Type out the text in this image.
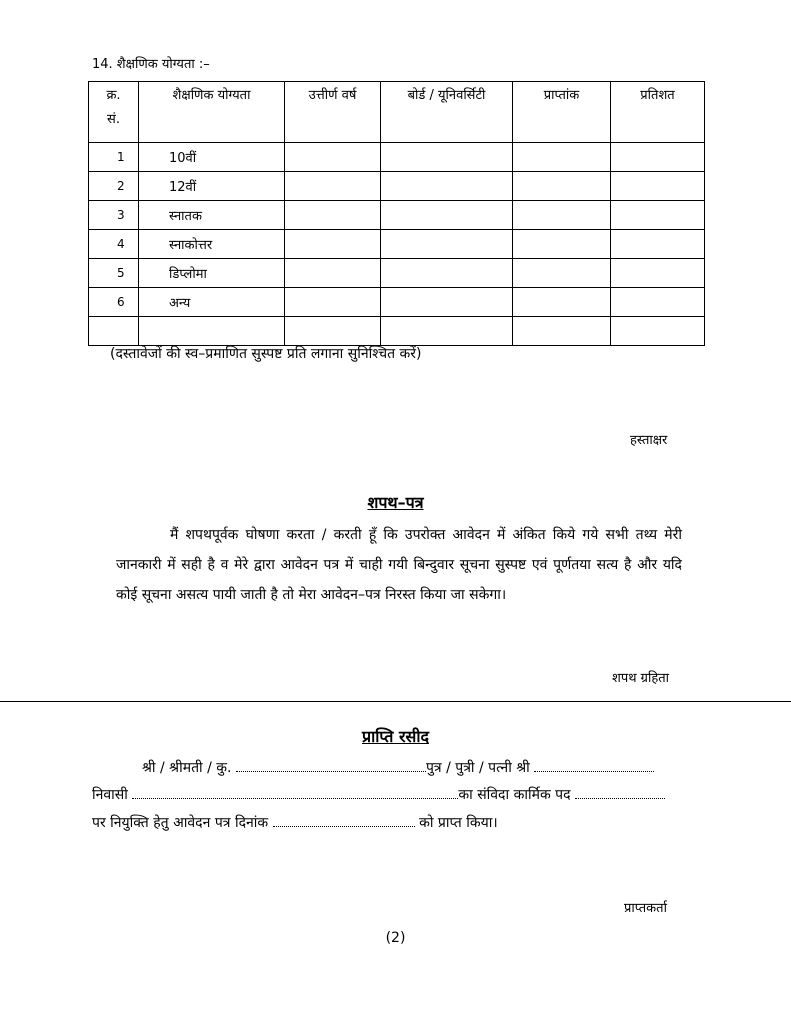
14. शैक्षणिक योग्यता :–
क्र.
सं.	शैक्षणिक योग्यता	उत्तीर्ण वर्ष	बोर्ड / यूनिवर्सिटी	प्राप्तांक	प्रतिशत

1	10वीं				
2	12वीं				
3	स्नातक				
4	स्नाकोत्तर				
5	डिप्लोमा				
6	अन्य				

(दस्तावेजों की स्व–प्रमाणित सुस्पष्ट प्रति लगाना सुनिश्चित करें)
हस्ताक्षर
शपथ–पत्र
मैं शपथपूर्वक घोषणा करता / करती हूँ कि उपरोक्त आवेदन में अंकित किये गये सभी तथ्य मेरी जानकारी में सही है व मेरे द्वारा आवेदन पत्र में चाही गयी बिन्दुवार सूचना सुस्पष्ट एवं पूर्णतया सत्य है और यदि कोई सूचना असत्य पायी जाती है तो मेरा आवेदन–पत्र निरस्त किया जा सकेगा।
शपथ ग्रहिता
प्राप्ति रसीद
श्री / श्रीमती / कु.	पुत्र / पुत्री / पत्नी श्री
निवासी	का संविदा कार्मिक पद
पर नियुक्ति हेतु आवेदन पत्र दिनांक	को प्राप्त किया।
प्राप्तकर्ता
(2)
